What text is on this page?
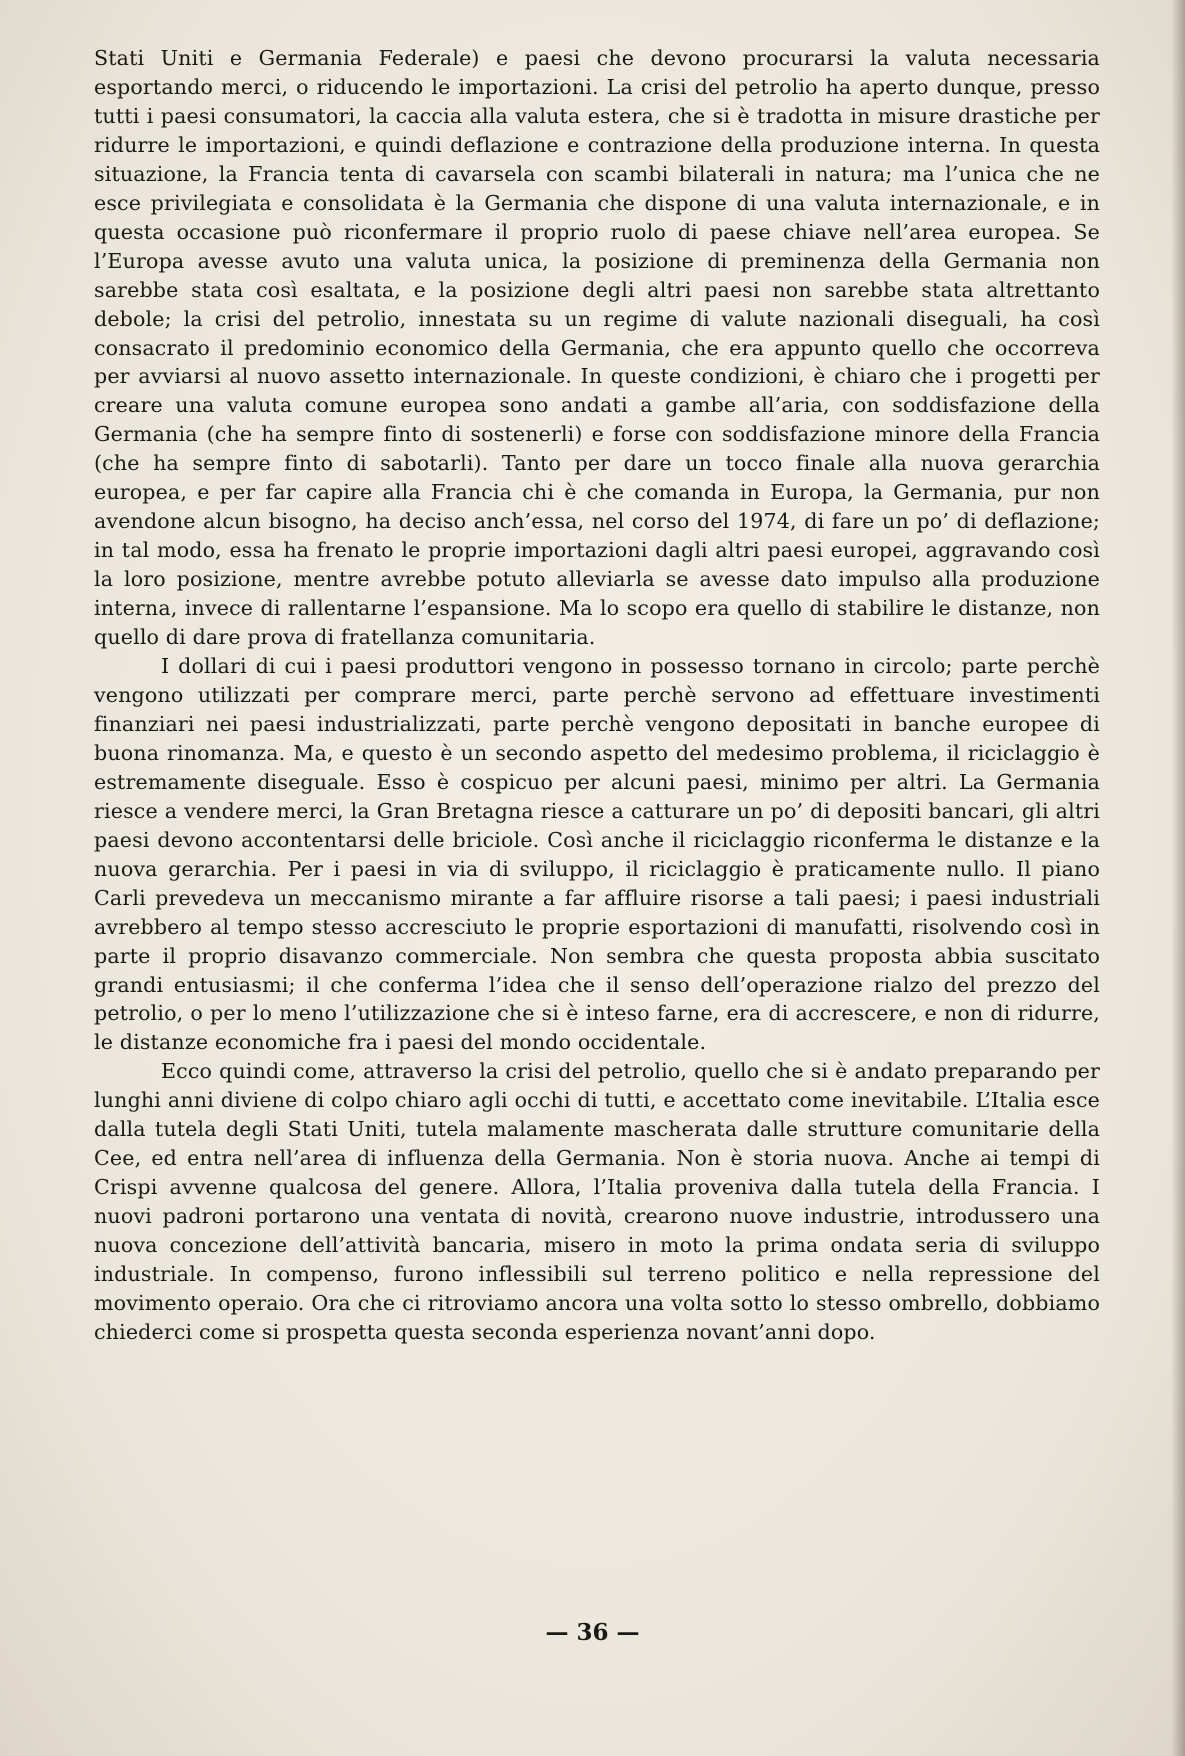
Stati Uniti e Germania Federale) e paesi che devono procurarsi la valuta necessaria esportando merci, o riducendo le importazioni. La crisi del petrolio ha aperto dunque, presso tutti i paesi consumatori, la caccia alla valuta estera, che si è tradotta in misure drastiche per ridurre le importazioni, e quindi deflazione e contrazione della produzione interna. In questa situazione, la Francia tenta di cavarsela con scambi bilaterali in natura; ma l’unica che ne esce privilegiata e consolidata è la Germania che dispone di una valuta internazionale, e in questa occasione può riconfermare il proprio ruolo di paese chiave nell’area europea. Se l’Europa avesse avuto una valuta unica, la posizione di preminenza della Germania non sarebbe stata così esaltata, e la posizione degli altri paesi non sarebbe stata altrettanto debole; la crisi del petrolio, innestata su un regime di valute nazionali diseguali, ha così consacrato il predominio economico della Germania, che era appunto quello che occorreva per avviarsi al nuovo assetto internazionale. In queste condizioni, è chiaro che i progetti per creare una valuta comune europea sono andati a gambe all’aria, con soddisfazione della Germania (che ha sempre finto di sostenerli) e forse con soddisfazione minore della Francia (che ha sempre finto di sabotarli). Tanto per dare un tocco finale alla nuova gerarchia europea, e per far capire alla Francia chi è che comanda in Europa, la Germania, pur non avendone alcun bisogno, ha deciso anch’essa, nel corso del 1974, di fare un po’ di deflazione; in tal modo, essa ha frenato le proprie importazioni dagli altri paesi europei, aggravando così la loro posizione, mentre avrebbe potuto alleviarla se avesse dato impulso alla produzione interna, invece di rallentarne l’espansione. Ma lo scopo era quello di stabilire le distanze, non quello di dare prova di fratellanza comunitaria.

I dollari di cui i paesi produttori vengono in possesso tornano in circolo; parte perchè vengono utilizzati per comprare merci, parte perchè servono ad effettuare investimenti finanziari nei paesi industrializzati, parte perchè vengono depositati in banche europee di buona rinomanza. Ma, e questo è un secondo aspetto del medesimo problema, il riciclaggio è estremamente diseguale. Esso è cospicuo per alcuni paesi, minimo per altri. La Germania riesce a vendere merci, la Gran Bretagna riesce a catturare un po’ di depositi bancari, gli altri paesi devono accontentarsi delle briciole. Così anche il riciclaggio riconferma le distanze e la nuova gerarchia. Per i paesi in via di sviluppo, il riciclaggio è praticamente nullo. Il piano Carli prevedeva un meccanismo mirante a far affluire risorse a tali paesi; i paesi industriali avrebbero al tempo stesso accresciuto le proprie esportazioni di manufatti, risolvendo così in parte il proprio disavanzo commerciale. Non sembra che questa proposta abbia suscitato grandi entusiasmi; il che conferma l’idea che il senso dell’operazione rialzo del prezzo del petrolio, o per lo meno l’utilizzazione che si è inteso farne, era di accrescere, e non di ridurre, le distanze economiche fra i paesi del mondo occidentale.

Ecco quindi come, attraverso la crisi del petrolio, quello che si è andato preparando per lunghi anni diviene di colpo chiaro agli occhi di tutti, e accettato come inevitabile. L’Italia esce dalla tutela degli Stati Uniti, tutela malamente mascherata dalle strutture comunitarie della Cee, ed entra nell’area di influenza della Germania. Non è storia nuova. Anche ai tempi di Crispi avvenne qualcosa del genere. Allora, l’Italia proveniva dalla tutela della Francia. I nuovi padroni portarono una ventata di novità, crearono nuove industrie, introdussero una nuova concezione dell’attività bancaria, misero in moto la prima ondata seria di sviluppo industriale. In compenso, furono inflessibili sul terreno politico e nella repressione del movimento operaio. Ora che ci ritroviamo ancora una volta sotto lo stesso ombrello, dobbiamo chiederci come si prospetta questa seconda esperienza novant’anni dopo.

— 36 —
